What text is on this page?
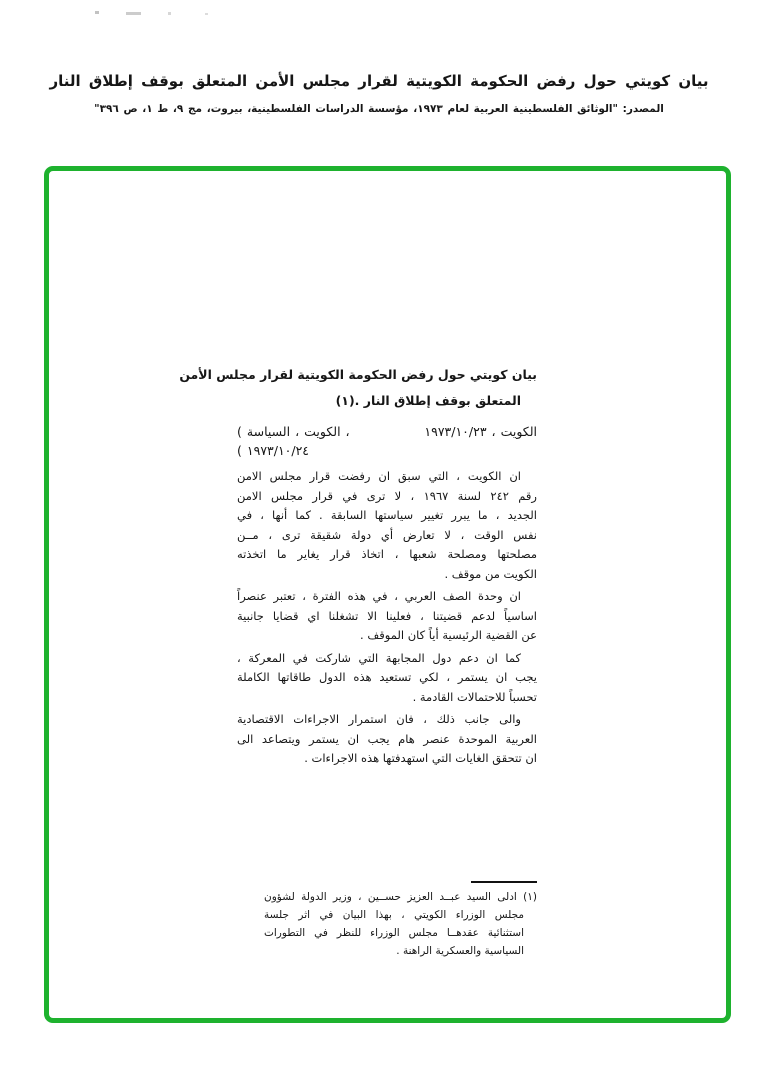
بيان كويتي حول رفض الحكومة الكويتية لقرار مجلس الأمن المتعلق بوقف إطلاق النار
المصدر: "الوثائق الفلسطينية العربية لعام ١٩٧٣، مؤسسة الدراسات الفلسطينية، بيروت، مج ٩، ط ١، ص ٣٩٦"
بيان كويتي حول رفض الحكومة الكويتية لقرار مجلس الأمن
المتعلق بوقف إطلاق النار .(١)
( السياسة ، الكويت ،	١٩٧٣/١٠/٢٣ ، الكويت
( ١٩٧٣/١٠/٢٤
ان الكويت ، التي سبق ان رفضت قرار مجلس الامن
رقم ٢٤٢ لسنة ١٩٦٧ ، لا ترى في قرار مجلس الامن
الجديد ، ما يبرر تغيير سياستها السابقة . كما أنها ، في
نفس الوقت ، لا تعارض أي دولة شقيقة ترى ، مــن
مصلحتها ومصلحة شعبها ، اتخاذ قرار يغاير ما اتخذته
الكويت من موقف .
ان وحدة الصف العربي ، في هذه الفترة ، تعتبر عنصراً
اساسياً لدعم قضيتنا ، فعلينا الا تشغلنا اي قضايا جانبية
عن القضية الرئيسية أياً كان الموقف .
كما ان دعم دول المجابهة التي شاركت في المعركة ،
يجب ان يستمر ، لكي تستعيد هذه الدول طاقاتها الكاملة
تحسباً للاحتمالات القادمة .
والى جانب ذلك ، فان استمرار الاجراءات الاقتصادية
العربية الموحدة عنصر هام يجب ان يستمر ويتصاعد الى
ان تتحقق الغايات التي استهدفتها هذه الاجراءات .
(١) ادلى السيد عبــد العزيز حســين ، وزير الدولة لشؤون
مجلس الوزراء الكويتي ، بهذا البيان في اثر جلسة
استثنائية عقدهــا مجلس الوزراء للنظر في التطورات
السياسية والعسكرية الراهنة .
